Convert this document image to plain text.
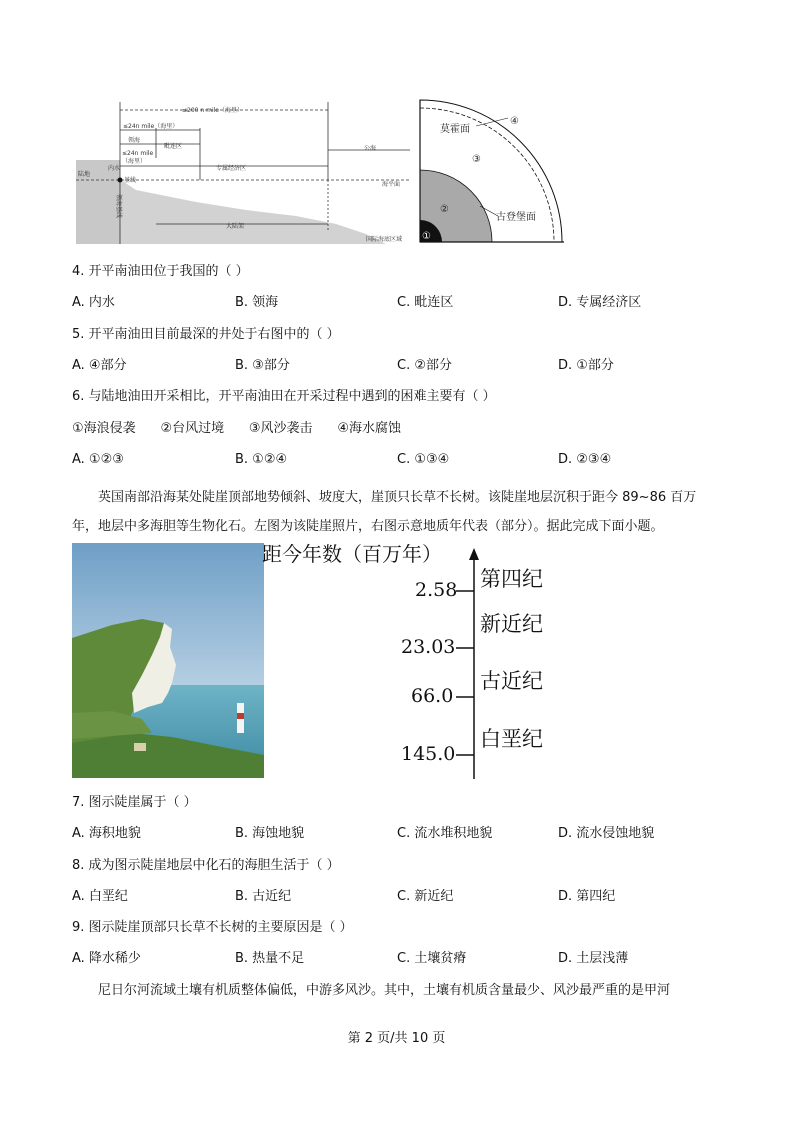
≤200 n mile（海里）
≤24n mile（海里）
领海
毗连区
≤24n mile
（海里）
专属经济区
公海
内水
陆地
海平面
基线
领海基线
大陆架
国际海底区域
莫霍面
④
③
②
古登堡面
①
4. 开平南油田位于我国的（ ）
A. 内水	B. 领海	C. 毗连区	D. 专属经济区
5. 开平南油田目前最深的井处于右图中的（ ）
A. ④部分	B. ③部分	C. ②部分	D. ①部分
6. 与陆地油田开采相比，开平南油田在开采过程中遇到的困难主要有（ ）
①海浪侵袭      ②台风过境      ③风沙袭击      ④海水腐蚀
A. ①②③	B. ①②④	C. ①③④	D. ②③④
英国南部沿海某处陡崖顶部地势倾斜、坡度大，崖顶只长草不长树。该陡崖地层沉积于距今 89~86 百万年，地层中多海胆等生物化石。左图为该陡崖照片，右图示意地质年代表（部分）。据此完成下面小题。
距今年数（百万年）
2.58
23.03
66.0
145.0
第四纪
新近纪
古近纪
白垩纪
7. 图示陡崖属于（ ）
A. 海积地貌	B. 海蚀地貌	C. 流水堆积地貌	D. 流水侵蚀地貌
8. 成为图示陡崖地层中化石的海胆生活于（ ）
A. 白垩纪	B. 古近纪	C. 新近纪	D. 第四纪
9. 图示陡崖顶部只长草不长树的主要原因是（ ）
A. 降水稀少	B. 热量不足	C. 土壤贫瘠	D. 土层浅薄
尼日尔河流域土壤有机质整体偏低，中游多风沙。其中，土壤有机质含量最少、风沙最严重的是甲河
第 2 页/共 10 页
